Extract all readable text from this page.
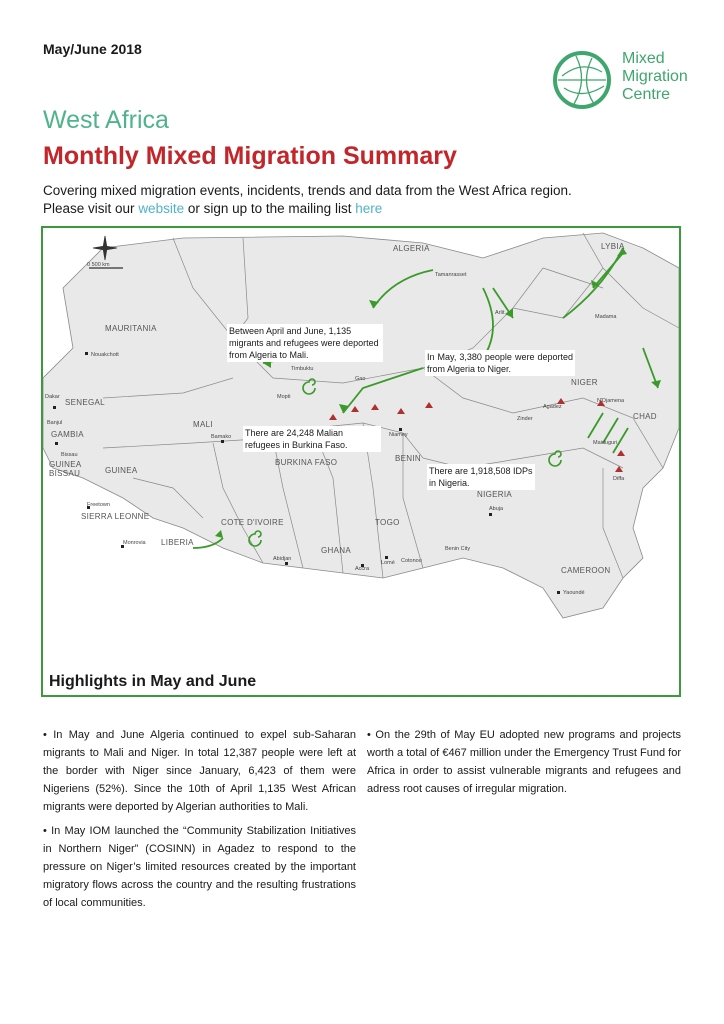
May/June 2018
Mixed
Migration
Centre
West Africa
Monthly Mixed Migration Summary
Covering mixed migration events, incidents, trends and data from the West Africa region.
Please visit our website or sign up to the mailing list here
ALGERIA	LYBIA
MAURITANIA
MALI
NIGER
CHAD
SENEGAL
GAMBIA
GUINEA BISSAU	GUINEA
SIERRA LEONNE
LIBERIA
COTE D'IVOIRE
BURKINA FASO
GHANA
TOGO
BENIN
NIGERIA
CAMEROON
Tamanrasset
Nouakchott
Timbuktu
Gao
Arlit
Madama
Agadez
Zinder
Diffa
Maiduguri
N'Djamena
Niamey
Bamako
Mopti
Dakar
Banjul
Bissau
Freetown
Monrovia
Abidjan
Accra
Lomé Cotonou
Benin City
Abuja
Yaoundé
0 500 km
Between April and June, 1,135 migrants and refugees were deported from Algeria to Mali.	In May, 3,380 people were deported from Algeria to Niger.
There are 24,248 Malian refugees in Burkina Faso.
There are 1,918,508 IDPs in Nigeria.
Highlights in May and June

• In May and June Algeria continued to expel sub-Saharan migrants to Mali and Niger. In total 12,387 people were left at the border with Niger since January, 6,423 of them were Nigeriens (52%). Since the 10th of April 1,135 West African migrants were deported by Algerian authorities to Mali.

• In May IOM launched the “Community Stabilization Initiatives in Northern Niger” (COSINN) in Agadez to respond to the pressure on Niger’s limited resources created by the important migratory flows across the country and the resulting frustrations of local communities.

• On the 29th of May EU adopted new programs and projects worth a total of €467 million under the Emergency Trust Fund for Africa in order to assist vulnerable migrants and refugees and adress root causes of irregular migration.
